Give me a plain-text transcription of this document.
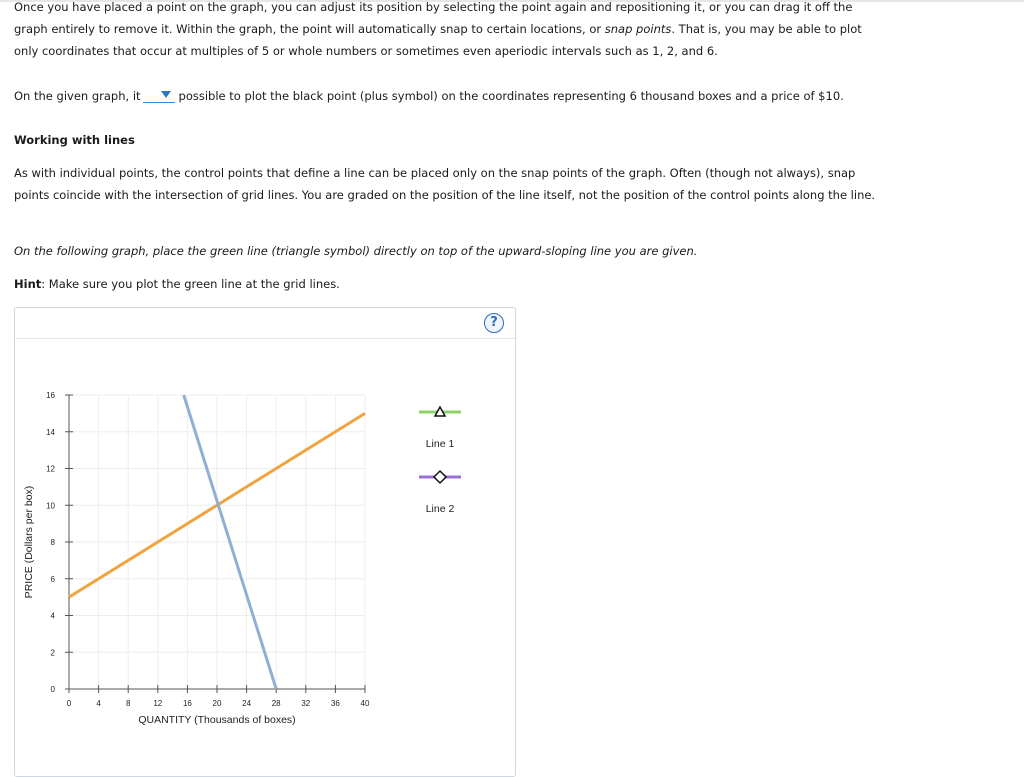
Once you have placed a point on the graph, you can adjust its position by selecting the point again and repositioning it, or you can drag it off the
graph entirely to remove it. Within the graph, the point will automatically snap to certain locations, or snap points. That is, you may be able to plot
only coordinates that occur at multiples of 5 or whole numbers or sometimes even aperiodic intervals such as 1, 2, and 6.

On the given graph, it	possible to plot the black point (plus symbol) on the coordinates representing 6 thousand boxes and a price of $10.

Working with lines

As with individual points, the control points that define a line can be placed only on the snap points of the graph. Often (though not always), snap
points coincide with the intersection of grid lines. You are graded on the position of the line itself, not the position of the control points along the line.

On the following graph, place the green line (triangle symbol) directly on top of the upward-sloping line you are given.

Hint: Make sure you plot the green line at the grid lines.

?
0
2
4
6
8
10
12
14
16
0	4	8	12	16	20	24	28	32	36	40
QUANTITY (Thousands of boxes)
PRICE (Dollars per box)
Line 1
Line 2
